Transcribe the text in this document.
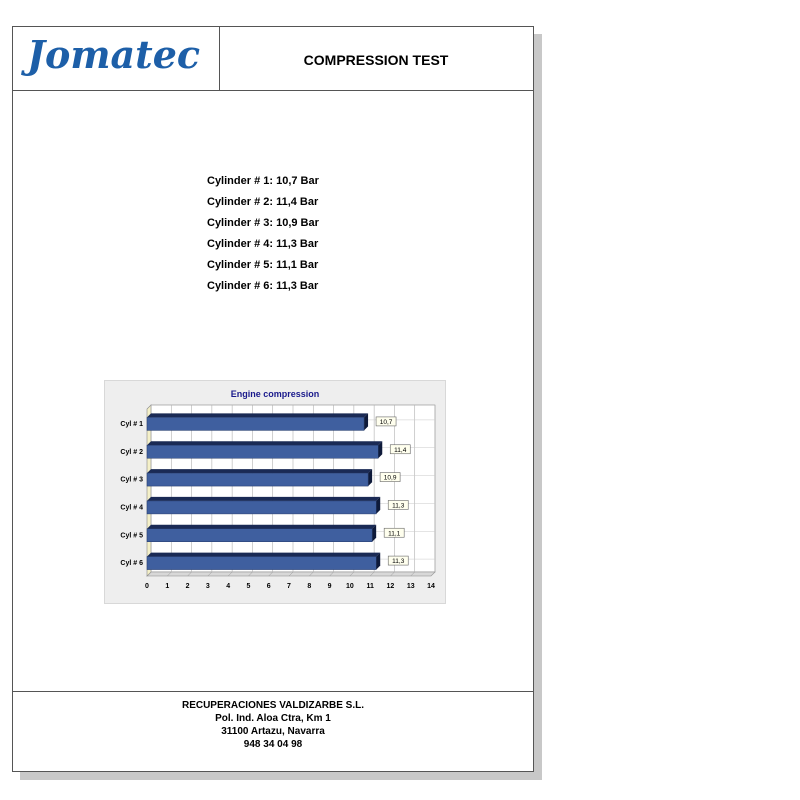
Jomatec	COMPRESSION TEST
Cylinder # 1: 10,7 Bar
Cylinder # 2: 11,4 Bar
Cylinder # 3: 10,9 Bar
Cylinder # 4: 11,3 Bar
Cylinder # 5: 11,1 Bar
Cylinder # 6: 11,3 Bar
Engine compression
0 1 2 3 4 5 6 7 8 9 10 11 12 13 14
Cyl # 1	10,7
Cyl # 2	11,4
Cyl # 3	10,9
Cyl # 4	11,3
Cyl # 5	11,1
Cyl # 6	11,3
RECUPERACIONES VALDIZARBE S.L.
Pol. Ind. Aloa Ctra, Km 1
31100 Artazu, Navarra
948 34 04 98
